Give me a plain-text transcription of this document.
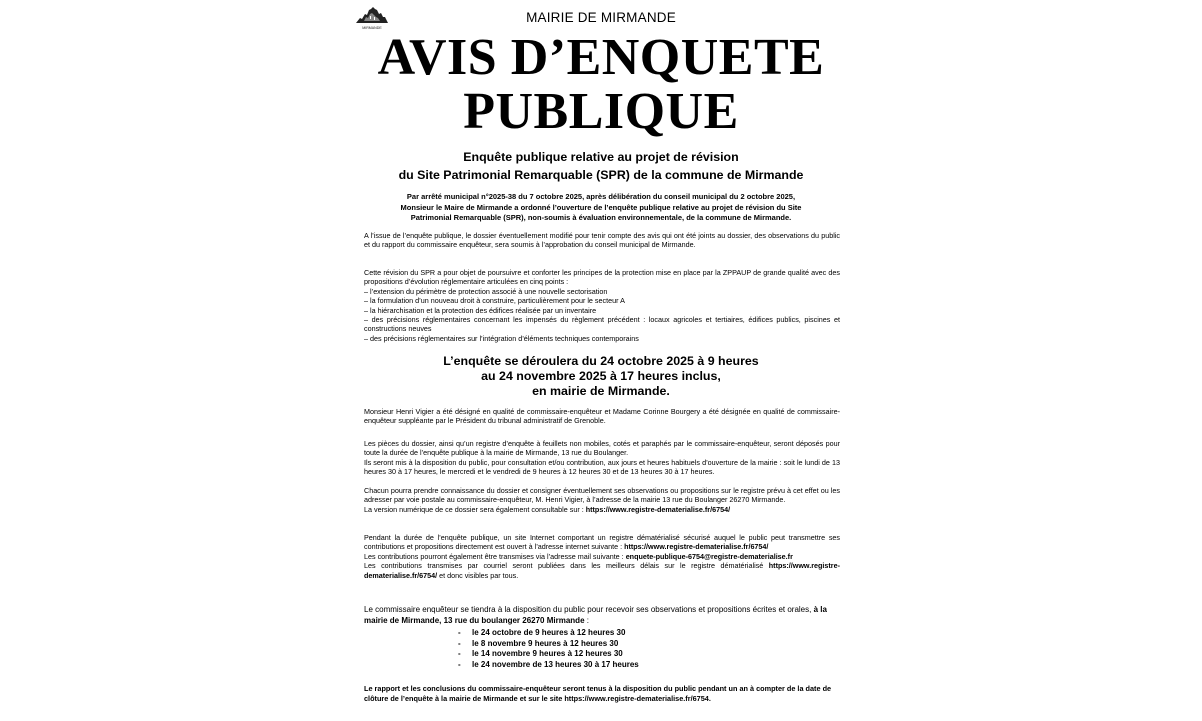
MIRMANDE
MAIRIE DE MIRMANDE
AVIS D’ENQUETE
PUBLIQUE
Enquête publique relative au projet de révision
du Site Patrimonial Remarquable (SPR) de la commune de Mirmande
Par arrêté municipal n°2025-38 du 7 octobre 2025, après délibération du conseil municipal du 2 octobre 2025,
Monsieur le Maire de Mirmande a ordonné l’ouverture de l’enquête publique relative au projet de révision du Site
Patrimonial Remarquable (SPR), non-soumis à évaluation environnementale, de la commune de Mirmande.
A l’issue de l’enquête publique, le dossier éventuellement modifié pour tenir compte des avis qui ont été joints au dossier, des observations du public et du rapport du commissaire enquêteur, sera soumis à l’approbation du conseil municipal de Mirmande.
Cette révision du SPR a pour objet de poursuivre et conforter les principes de la protection mise en place par la ZPPAUP de grande qualité avec des propositions d’évolution réglementaire articulées en cinq points :
– l’extension du périmètre de protection associé à une nouvelle sectorisation
– la formulation d’un nouveau droit à construire, particulièrement pour le secteur A
– la hiérarchisation et la protection des édifices réalisée par un inventaire
– des précisions réglementaires concernant les impensés du règlement précédent : locaux agricoles et tertiaires, édifices publics, piscines et constructions neuves
– des précisions réglementaires sur l’intégration d’éléments techniques contemporains
L’enquête se déroulera du 24 octobre 2025 à 9 heures
au 24 novembre 2025 à 17 heures inclus,
en mairie de Mirmande.
Monsieur Henri Vigier a été désigné en qualité de commissaire-enquêteur et Madame Corinne Bourgery a été désignée en qualité de commissaire-enquêteur suppléante par le Président du tribunal administratif de Grenoble.
Les pièces du dossier, ainsi qu’un registre d’enquête à feuillets non mobiles, cotés et paraphés par le commissaire-enquêteur, seront déposés pour toute la durée de l’enquête publique à la mairie de Mirmande, 13 rue du Boulanger.
Ils seront mis à la disposition du public, pour consultation et/ou contribution, aux jours et heures habituels d’ouverture de la mairie : soit le lundi de 13 heures 30 à 17 heures, le mercredi et le vendredi de 9 heures à 12 heures 30 et de 13 heures 30 à 17 heures.
Chacun pourra prendre connaissance du dossier et consigner éventuellement ses observations ou propositions sur le registre prévu à cet effet ou les adresser par voie postale au commissaire-enquêteur, M. Henri Vigier, à l’adresse de la mairie 13 rue du Boulanger 26270 Mirmande.
La version numérique de ce dossier sera également consultable sur : https://www.registre-dematerialise.fr/6754/
Pendant la durée de l’enquête publique, un site Internet comportant un registre dématérialisé sécurisé auquel le public peut transmettre ses contributions et propositions directement est ouvert à l’adresse internet suivante : https://www.registre-dematerialise.fr/6754/
Les contributions pourront également être transmises via l’adresse mail suivante : enquete-publique-6754@registre-dematerialise.fr
Les contributions transmises par courriel seront publiées dans les meilleurs délais sur le registre dématérialisé https://www.registre-dematerialise.fr/6754/ et donc visibles par tous.
Le commissaire enquêteur se tiendra à la disposition du public pour recevoir ses observations et propositions écrites et orales, à la mairie de Mirmande, 13 rue du boulanger 26270 Mirmande :
-	le 24 octobre de 9 heures à 12 heures 30
-	le 8 novembre 9 heures à 12 heures 30
-	le 14 novembre 9 heures à 12 heures 30
-	le 24 novembre de 13 heures 30 à 17 heures
Le rapport et les conclusions du commissaire-enquêteur seront tenus à la disposition du public pendant un an à compter de la date de clôture de l’enquête à la mairie de Mirmande et sur le site https://www.registre-dematerialise.fr/6754.
